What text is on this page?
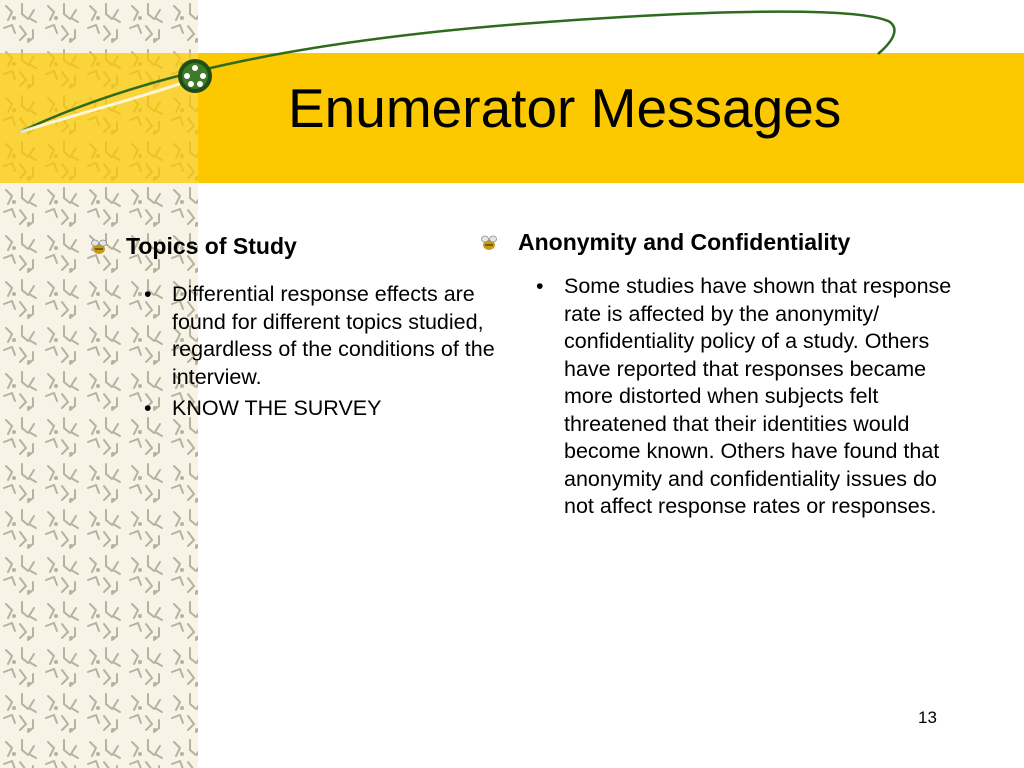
Enumerator Messages
Topics of Study
• Differential response effects are found for different topics studied, regardless of the conditions of the interview.
• KNOW THE SURVEY
Anonymity and Confidentiality
• Some studies have shown that response rate is affected by the anonymity/ confidentiality policy of a study. Others have reported that responses became more distorted when subjects felt threatened that their identities would become known. Others have found that anonymity and confidentiality issues do not affect response rates or responses.
13
